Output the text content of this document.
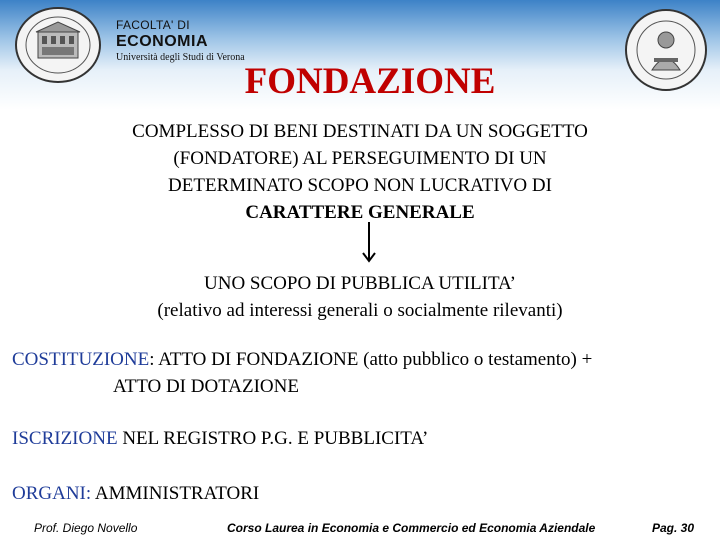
FACOLTA' DI
ECONOMIA
Università degli Studi di Verona
FONDAZIONE
COMPLESSO DI BENI DESTINATI DA UN SOGGETTO
(FONDATORE) AL PERSEGUIMENTO DI UN
DETERMINATO SCOPO NON LUCRATIVO DI
CARATTERE GENERALE
UNO SCOPO DI PUBBLICA UTILITA’
(relativo ad interessi generali o socialmente rilevanti)
COSTITUZIONE: ATTO DI FONDAZIONE (atto pubblico o testamento) +
ATTO DI DOTAZIONE
ISCRIZIONE NEL REGISTRO P.G. E PUBBLICITA’
ORGANI: AMMINISTRATORI
Prof. Diego Novello	Corso Laurea in Economia e Commercio ed Economia Aziendale	Pag. 30
